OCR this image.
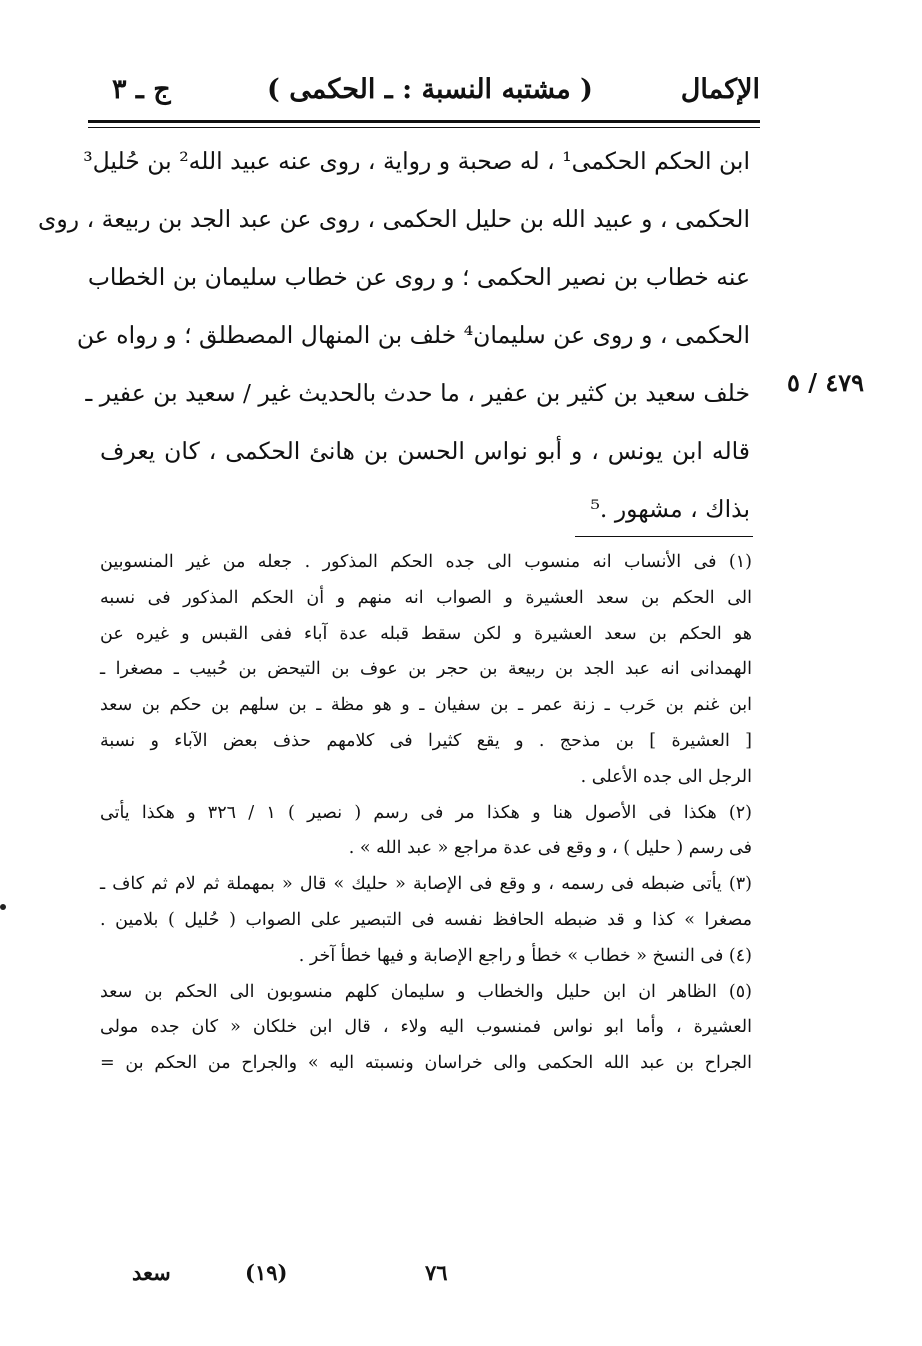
الإكمال
( مشتبه النسبة : ـ الحكمى )
ج ـ ٣
ابن الحكم الحكمى¹ ، له صحبة و رواية ، روى عنه عبيد الله² بن حُليل³
الحكمى ، و عبيد الله بن حليل الحكمى ، روى عن عبد الجد بن ربيعة ، روى
عنه خطاب بن نصير الحكمى ؛ و روى عن خطاب سليمان بن الخطاب
الحكمى ، و روى عن سليمان⁴ خلف بن المنهال المصطلق ؛ و رواه عن
خلف سعيد بن كثير بن عفير ، ما حدث بالحديث غير / سعيد بن عفير ـ
قاله ابن يونس ، و أبو نواس الحسن بن هانئ الحكمى ، كان يعرف
بذاك ، مشهور .⁵
٤٧٩ / ٥
(١) فى الأنساب انه منسوب الى جده الحكم المذكور . جعله من غير المنسوبين
الى الحكم بن سعد العشيرة و الصواب انه منهم و أن الحكم المذكور فى نسبه
هو الحكم بن سعد العشيرة و لكن سقط قبله عدة آباء ففى القبس و غيره عن
الهمدانى انه عبد الجد بن ربيعة بن حجر بن عوف بن التيحض بن حُبيب ـ مصغرا ـ
ابن غنم بن حَرب ـ زنة عمر ـ بن سفيان ـ و هو مظة ـ بن سلهم بن حكم بن سعد
[ العشيرة ] بن مذحج . و يقع كثيرا فى كلامهم حذف بعض الآباء و نسبة
الرجل الى جده الأعلى .
(٢) هكذا فى الأصول هنا و هكذا مر فى رسم ( نصير ) ١ / ٣٢٦ و هكذا يأتى
فى رسم ( حليل ) ، و وقع فى عدة مراجع « عبد الله » .
(٣) يأتى ضبطه فى رسمه ، و وقع فى الإصابة « حليك » قال « بمهملة ثم لام ثم كاف ـ
مصغرا » كذا و قد ضبطه الحافظ نفسه فى التبصير على الصواب ( حُليل ) بلامين .
(٤) فى النسخ « خطاب » خطأ و راجع الإصابة و فيها خطأ آخر .
(٥) الظاهر ان ابن حليل والخطاب و سليمان كلهم منسوبون الى الحكم بن سعد
العشيرة ، وأما ابو نواس فمنسوب اليه ولاء ، قال ابن خلكان « كان جده مولى
الجراح بن عبد الله الحكمى والى خراسان ونسبته اليه » والجراح من الحكم بن =
سعد	(١٩)	٧٦
